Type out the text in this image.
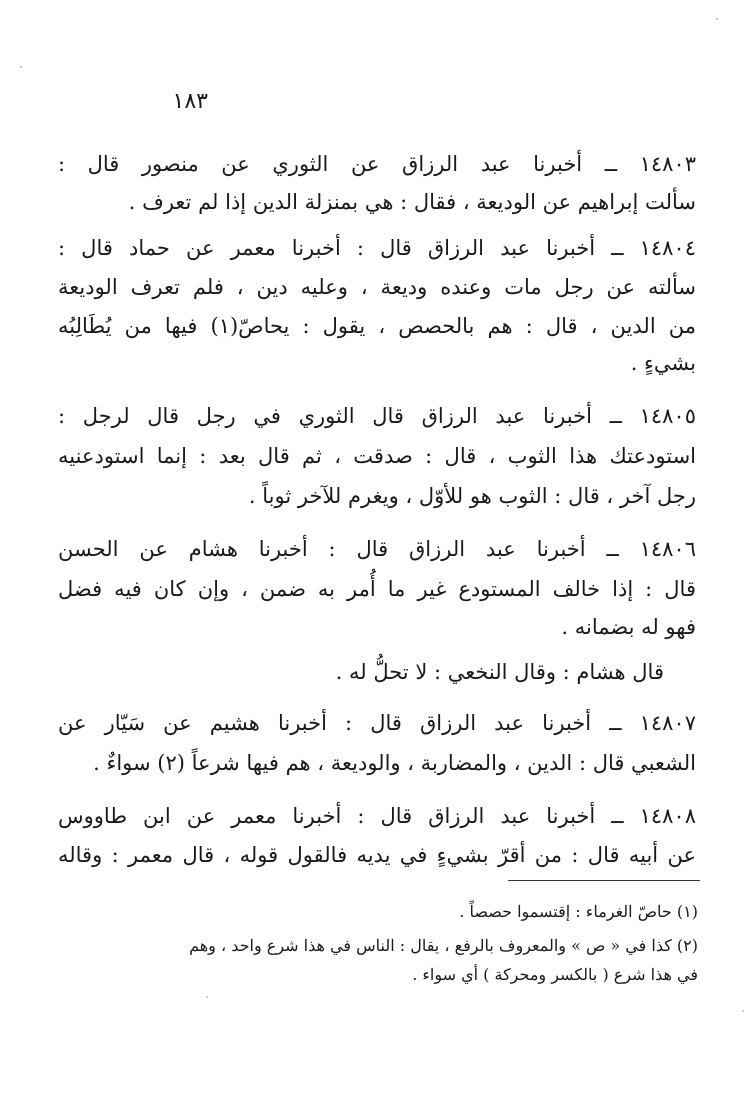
١٨٣
١٤٨٠٣ ــ أخبرنا عبد الرزاق عن الثوري عن منصور قال :
سألت إبراهيم عن الوديعة ، فقال : هي بمنزلة الدين إذا لم تعرف .
١٤٨٠٤ ــ أخبرنا عبد الرزاق قال : أخبرنا معمر عن حماد قال :
سألته عن رجل مات وعنده وديعة ، وعليه دين ، فلم تعرف الوديعة
من الدين ، قال : هم بالحصص ، يقول : يحاصّ(١) فيها من يُطَالِبُه
بشيءٍ .
١٤٨٠٥ ــ أخبرنا عبد الرزاق قال الثوري في رجل قال لرجل :
استودعتك هذا الثوب ، قال : صدقت ، ثم قال بعد : إنما استودعنيه
رجل آخر ، قال : الثوب هو للأوّل ، ويغرم للآخر ثوباً .
١٤٨٠٦ ــ أخبرنا عبد الرزاق قال : أخبرنا هشام عن الحسن
قال : إذا خالف المستودع غير ما أُمر به ضمن ، وإن كان فيه فضل
فهو له بضمانه .
قال هشام : وقال النخعي : لا تحلُّ له .
١٤٨٠٧ ــ أخبرنا عبد الرزاق قال : أخبرنا هشيم عن سَيّار عن
الشعبي قال : الدين ، والمضاربة ، والوديعة ، هم فيها شرعاً (٢) سواءٌ .
١٤٨٠٨ ــ أخبرنا عبد الرزاق قال : أخبرنا معمر عن ابن طاووس
عن أبيه قال : من أقرّ بشيءٍ في يديه فالقول قوله ، قال معمر : وقاله
(١) حاصّ الغرماء : إقتسموا حصصاً .
(٢) كذا في « ص » والمعروف بالرفع ، يقال : الناس في هذا شرع واحد ، وهم
في هذا شرع ( بالكسر ومحركة ) أي سواء .
